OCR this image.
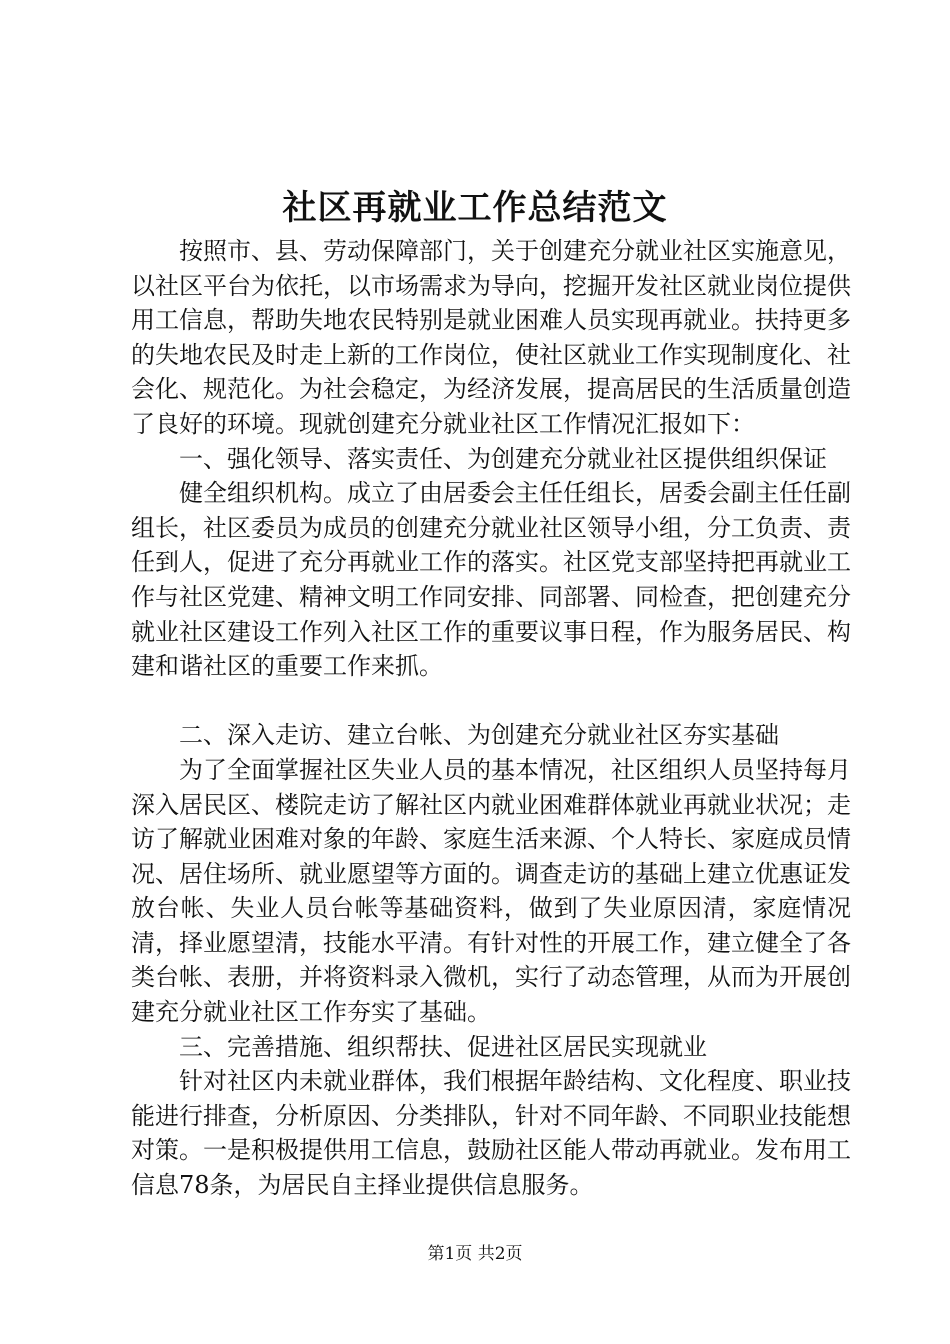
社区再就业工作总结范文

按照市、县、劳动保障部门，关于创建充分就业社区实施意见，以社区平台为依托，以市场需求为导向，挖掘开发社区就业岗位提供用工信息，帮助失地农民特别是就业困难人员实现再就业。扶持更多的失地农民及时走上新的工作岗位，使社区就业工作实现制度化、社会化、规范化。为社会稳定，为经济发展，提高居民的生活质量创造了良好的环境。现就创建充分就业社区工作情况汇报如下：

一、强化领导、落实责任、为创建充分就业社区提供组织保证

健全组织机构。成立了由居委会主任任组长，居委会副主任任副组长，社区委员为成员的创建充分就业社区领导小组，分工负责、责任到人，促进了充分再就业工作的落实。社区党支部坚持把再就业工作与社区党建、精神文明工作同安排、同部署、同检查，把创建充分就业社区建设工作列入社区工作的重要议事日程，作为服务居民、构建和谐社区的重要工作来抓。

二、深入走访、建立台帐、为创建充分就业社区夯实基础

为了全面掌握社区失业人员的基本情况，社区组织人员坚持每月深入居民区、楼院走访了解社区内就业困难群体就业再就业状况；走访了解就业困难对象的年龄、家庭生活来源、个人特长、家庭成员情况、居住场所、就业愿望等方面的。调查走访的基础上建立优惠证发放台帐、失业人员台帐等基础资料，做到了失业原因清，家庭情况清，择业愿望清，技能水平清。有针对性的开展工作，建立健全了各类台帐、表册，并将资料录入微机，实行了动态管理，从而为开展创建充分就业社区工作夯实了基础。

三、完善措施、组织帮扶、促进社区居民实现就业

针对社区内未就业群体，我们根据年龄结构、文化程度、职业技能进行排查，分析原因、分类排队，针对不同年龄、不同职业技能想对策。一是积极提供用工信息，鼓励社区能人带动再就业。发布用工信息78条，为居民自主择业提供信息服务。

第1页 共2页
